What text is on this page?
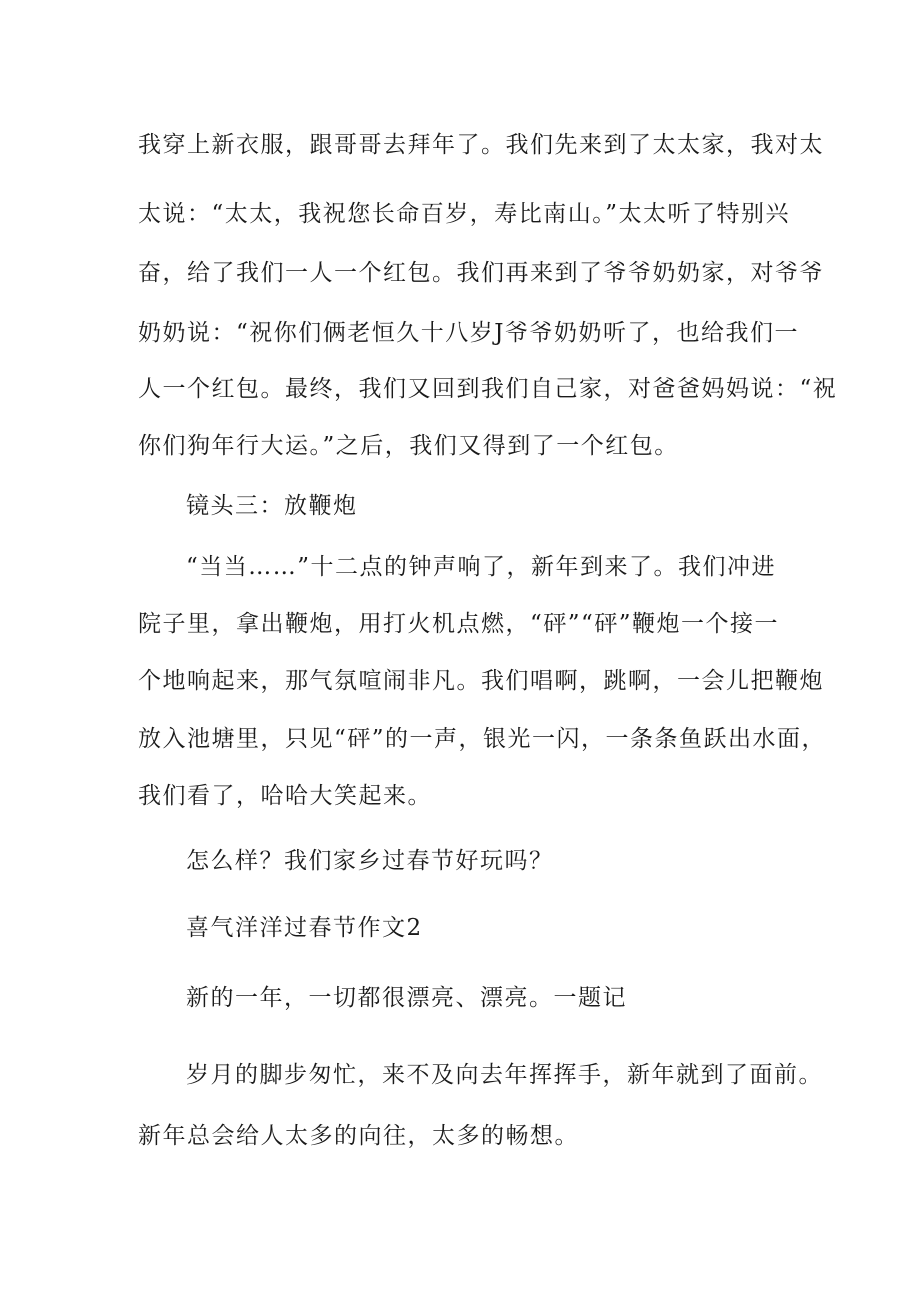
我穿上新衣服，跟哥哥去拜年了。我们先来到了太太家，我对太
太说：“太太，我祝您长命百岁，寿比南山。”太太听了特别兴
奋，给了我们一人一个红包。我们再来到了爷爷奶奶家，对爷爷
奶奶说：“祝你们俩老恒久十八岁J爷爷奶奶听了，也给我们一
人一个红包。最终，我们又回到我们自己家，对爸爸妈妈说：“祝
你们狗年行大运。”之后，我们又得到了一个红包。
镜头三：放鞭炮
“当当……”十二点的钟声响了，新年到来了。我们冲进
院子里，拿出鞭炮，用打火机点燃，“砰”“砰”鞭炮一个接一
个地响起来，那气氛喧闹非凡。我们唱啊，跳啊，一会儿把鞭炮
放入池塘里，只见“砰”的一声，银光一闪，一条条鱼跃出水面，
我们看了，哈哈大笑起来。
怎么样？我们家乡过春节好玩吗？
喜气洋洋过春节作文2
新的一年，一切都很漂亮、漂亮。一题记
岁月的脚步匆忙，来不及向去年挥挥手，新年就到了面前。
新年总会给人太多的向往，太多的畅想。
